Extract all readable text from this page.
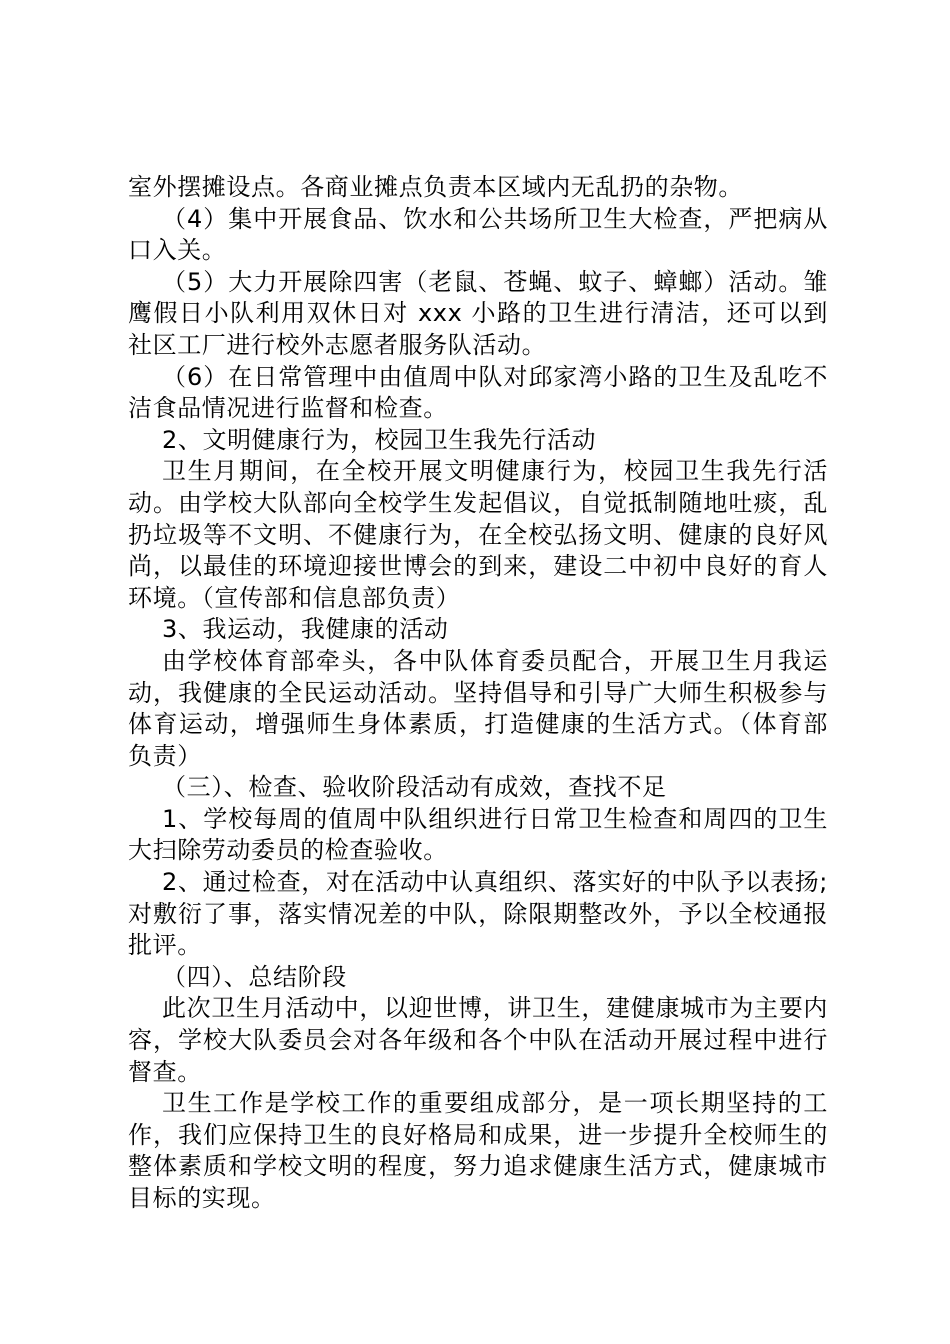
室外摆摊设点。各商业摊点负责本区域内无乱扔的杂物。

（4）集中开展食品、饮水和公共场所卫生大检查，严把病从口入关。

（5）大力开展除四害（老鼠、苍蝇、蚊子、蟑螂）活动。雏鹰假日小队利用双休日对 xxx 小路的卫生进行清洁，还可以到社区工厂进行校外志愿者服务队活动。

（6）在日常管理中由值周中队对邱家湾小路的卫生及乱吃不洁食品情况进行监督和检查。

2、文明健康行为，校园卫生我先行活动

卫生月期间，在全校开展文明健康行为，校园卫生我先行活动。由学校大队部向全校学生发起倡议，自觉抵制随地吐痰，乱扔垃圾等不文明、不健康行为，在全校弘扬文明、健康的良好风尚，以最佳的环境迎接世博会的到来，建设二中初中良好的育人环境。（宣传部和信息部负责）

3、我运动，我健康的活动

由学校体育部牵头，各中队体育委员配合，开展卫生月我运动，我健康的全民运动活动。坚持倡导和引导广大师生积极参与体育运动，增强师生身体素质，打造健康的生活方式。（体育部负责）

（三）、检查、验收阶段活动有成效，查找不足

1、学校每周的值周中队组织进行日常卫生检查和周四的卫生大扫除劳动委员的检查验收。

2、通过检查，对在活动中认真组织、落实好的中队予以表扬;对敷衍了事，落实情况差的中队，除限期整改外，予以全校通报批评。

（四）、总结阶段

此次卫生月活动中，以迎世博，讲卫生，建健康城市为主要内容，学校大队委员会对各年级和各个中队在活动开展过程中进行督查。

卫生工作是学校工作的重要组成部分，是一项长期坚持的工作，我们应保持卫生的良好格局和成果，进一步提升全校师生的整体素质和学校文明的程度，努力追求健康生活方式，健康城市目标的实现。
